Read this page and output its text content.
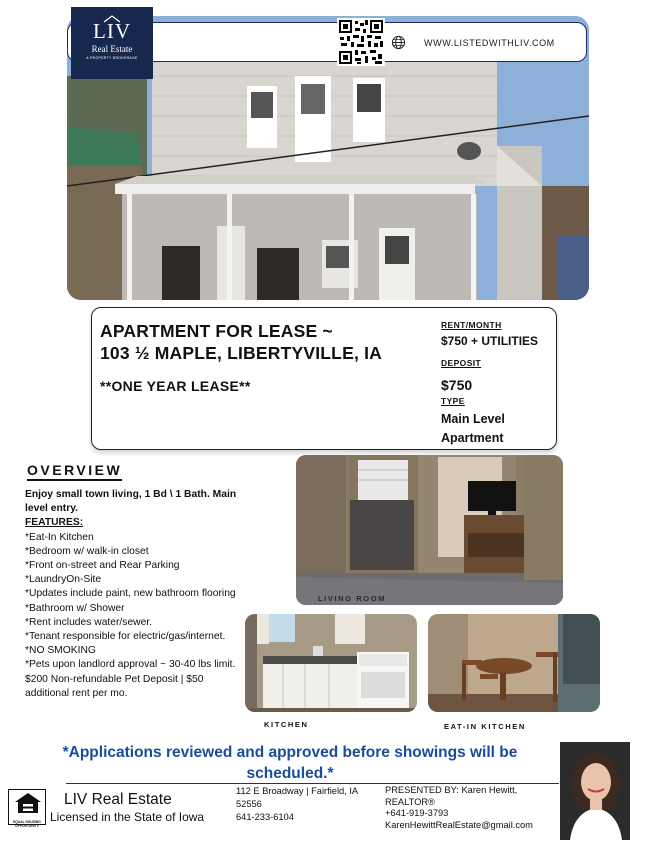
LIV
Real Estate
A PROPERTY BROKERAGE
WWW.LISTEDWITHLIV.COM
APARTMENT FOR LEASE ~
103 ½ MAPLE, LIBERTYVILLE, IA
**ONE YEAR LEASE**
RENT/MONTH
$750 + UTILITIES
DEPOSIT
$750
TYPE
Main Level
Apartment
OVERVIEW
Enjoy small town living, 1 Bd \ 1 Bath. Main level entry.
FEATURES:
*Eat-In Kitchen
*Bedroom w/ walk-in closet
*Front on-street and Rear Parking
*LaundryOn-Site
*Updates include paint, new bathroom flooring
*Bathroom w/ Shower
*Rent includes water/sewer.
*Tenant responsible for electric/gas/internet.
*NO SMOKING
*Pets upon landlord approval ~ 30-40 lbs limit. $200 Non-refundable Pet Deposit | $50 additional rent per mo.
LIVING ROOM
KITCHEN	EAT-IN KITCHEN
*Applications reviewed and approved before showings will be
scheduled.*
EQUAL HOUSING OPPORTUNITY
LIV Real Estate
Licensed in the State of Iowa
112 E Broadway | Fairfield, IA
52556
641-233-6104
PRESENTED BY: Karen Hewitt,
REALTOR®
+641-919-3793
KarenHewittRealEstate@gmail.com
